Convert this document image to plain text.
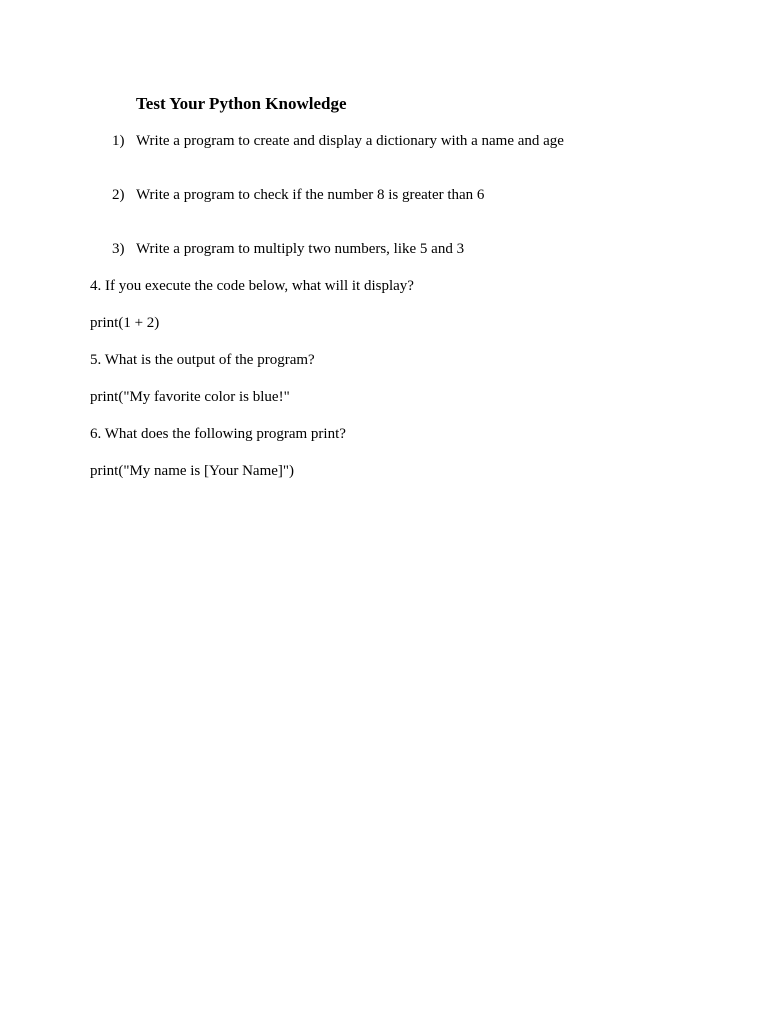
Test Your Python Knowledge
1) Write a program to create and display a dictionary with a name and age
2) Write a program to check if the number 8 is greater than 6
3) Write a program to multiply two numbers, like 5 and 3
4. If you execute the code below, what will it display?
print(1 + 2)
5. What is the output of the program?
print("My favorite color is blue!"
6. What does the following program print?
print("My name is [Your Name]")
